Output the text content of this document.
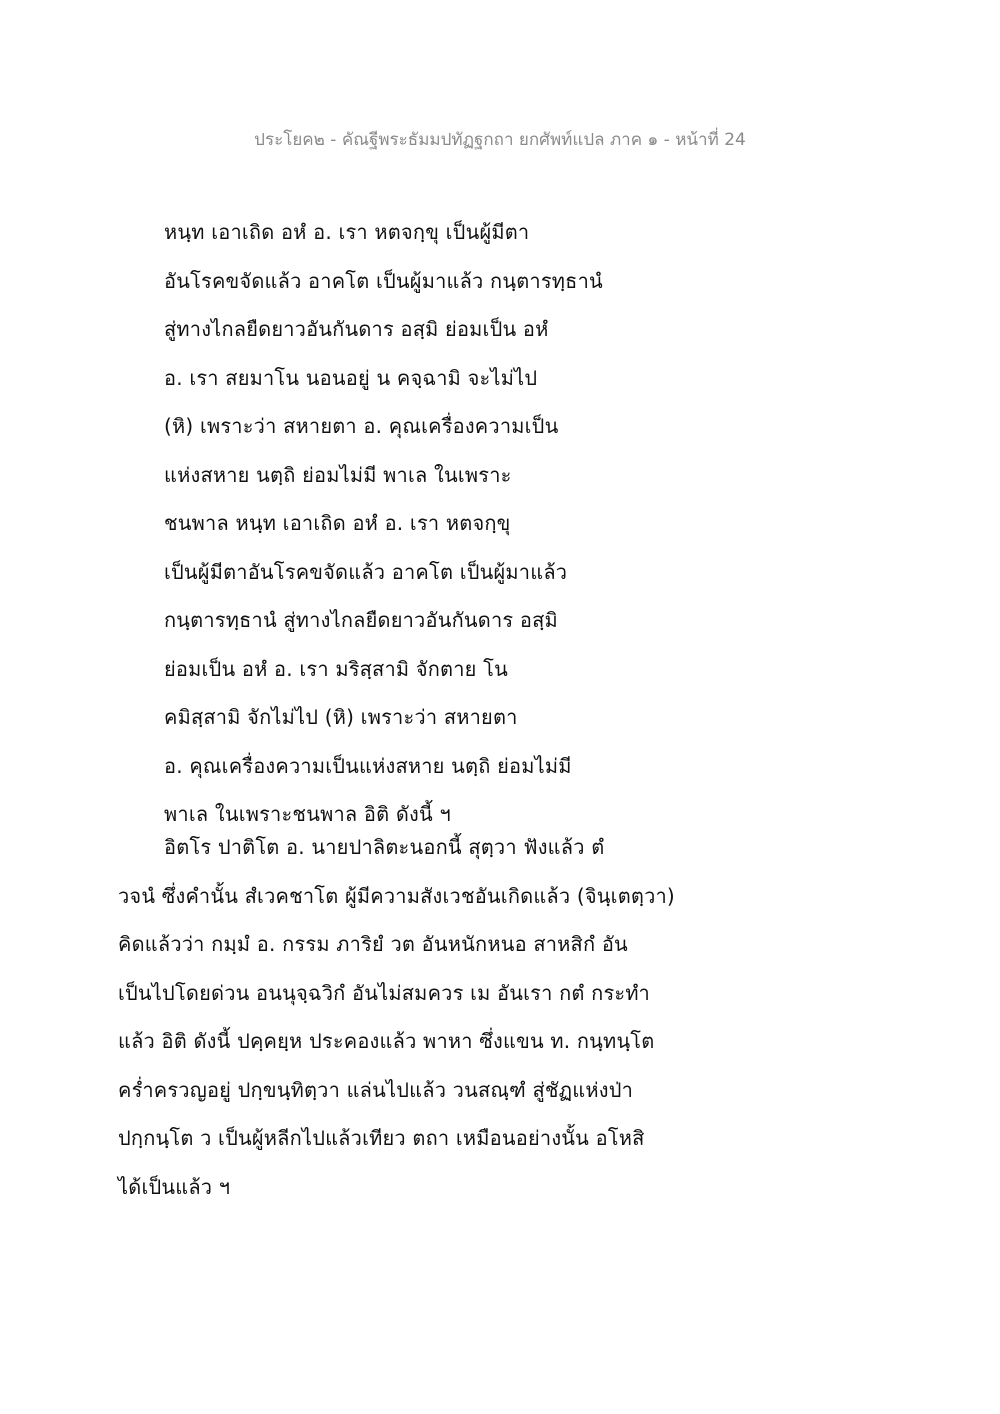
ประโยค๒ - คัณฐีพระธัมมปทัฏฐกถา ยกศัพท์แปล ภาค ๑ - หน้าที่ 24
หนฺท เอาเถิด อหํ อ. เรา หตจกฺขุ เป็นผู้มีตา
อันโรคขจัดแล้ว อาคโต เป็นผู้มาแล้ว กนฺตารทฺธานํ
สู่ทางไกลยืดยาวอันกันดาร อสฺมิ ย่อมเป็น อหํ
อ. เรา สยมาโน นอนอยู่ น คจฺฉามิ จะไม่ไป
(หิ) เพราะว่า สหายตา อ. คุณเครื่องความเป็น
แห่งสหาย นตฺถิ ย่อมไม่มี พาเล ในเพราะ
ชนพาล หนฺท เอาเถิด อหํ อ. เรา หตจกฺขุ
เป็นผู้มีตาอันโรคขจัดแล้ว อาคโต เป็นผู้มาแล้ว
กนฺตารทฺธานํ สู่ทางไกลยืดยาวอันกันดาร อสฺมิ
ย่อมเป็น อหํ อ. เรา มริสฺสามิ จักตาย โน
คมิสฺสามิ จักไม่ไป (หิ) เพราะว่า สหายตา
อ. คุณเครื่องความเป็นแห่งสหาย นตฺถิ ย่อมไม่มี
พาเล ในเพราะชนพาล อิติ ดังนี้ ฯ
อิตโร ปาติโต อ. นายปาลิตะนอกนี้ สุตฺวา ฟังแล้ว ตํ
วจนํ ซึ่งคำนั้น สํเวคชาโต ผู้มีความสังเวชอันเกิดแล้ว (จินฺเตตฺวา)
คิดแล้วว่า กมฺมํ อ. กรรม ภาริยํ วต อันหนักหนอ สาหสิกํ อัน
เป็นไปโดยด่วน อนนุจฺฉวิกํ อันไม่สมควร เม อันเรา กตํ กระทำ
แล้ว อิติ ดังนี้ ปคฺคยฺห ประคองแล้ว พาหา ซึ่งแขน ท. กนฺทนฺโต
คร่ำครวญอยู่ ปกฺขนฺทิตฺวา แล่นไปแล้ว วนสณฺฑํ สู่ชัฏแห่งป่า
ปกฺกนฺโต ว เป็นผู้หลีกไปแล้วเทียว ตถา เหมือนอย่างนั้น อโหสิ
ได้เป็นแล้ว ฯ
